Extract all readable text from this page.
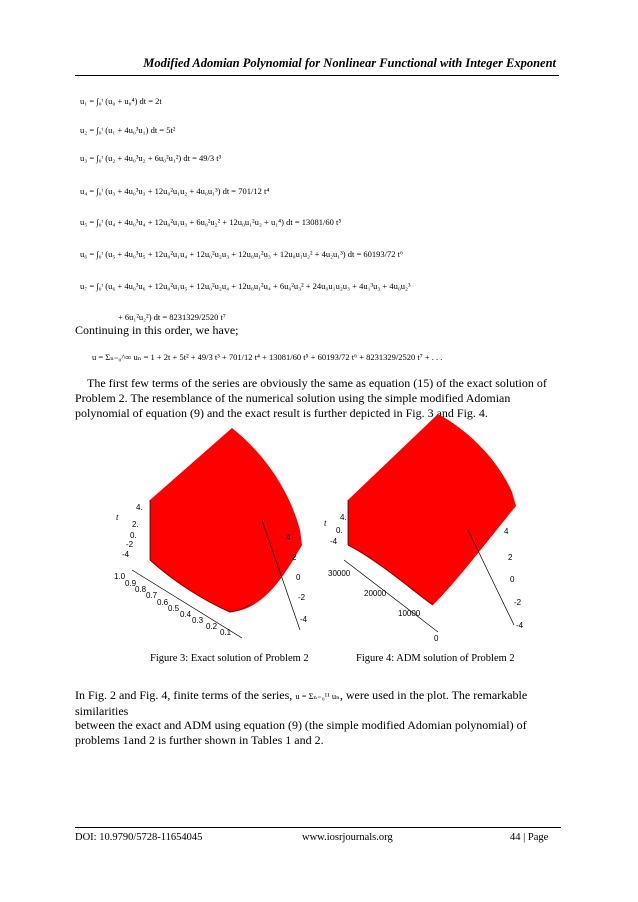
Modified Adomian Polynomial for Nonlinear Functional with Integer Exponent
u₁ = ∫₀ᵗ (u₀ + u₀⁴) dt = 2t
u₂ = ∫₀ᵗ (u₁ + 4u₀³u₁) dt = 5t²
u₃ = ∫₀ᵗ (u₂ + 4u₀³u₂ + 6u₀²u₁²) dt = 49/3 t³
u₄ = ∫₀ᵗ (u₃ + 4u₀³u₃ + 12u₀²u₁u₂ + 4u₀u₁³) dt = 701/12 t⁴
u₅ = ∫₀ᵗ (u₄ + 4u₀³u₄ + 12u₀²u₁u₃ + 6u₀²u₂² + 12u₀u₁²u₂ + u₁⁴) dt = 13081/60 t⁵
u₆ = ∫₀ᵗ (u₅ + 4u₀³u₅ + 12u₀²u₁u₄ + 12u₀²u₂u₃ + 12u₀u₁²u₃ + 12u₀u₁u₂² + 4u₂u₁³) dt = 60193/72 t⁶
u₇ = ∫₀ᵗ (u₆ + 4u₀³u₆ + 12u₀²u₁u₅ + 12u₀²u₂u₄ + 12u₀u₁²u₄ + 6u₀²u₃² + 24u₀u₁u₂u₃ + 4u₁³u₃ + 4u₀u₂³
+ 6u₁²u₂²) dt = 8231329/2520 t⁷
Continuing in this order, we have;
u = Σₙ₌₀^∞ uₙ = 1 + 2t + 5t² + 49/3 t³ + 701/12 t⁴ + 13081/60 t⁵ + 60193/72 t⁶ + 8231329/2520 t⁷ + . . .
The first few terms of the series are obviously the same as equation (15) of the exact solution of Problem 2. The resemblance of the numerical solution using the simple modified Adomian polynomial of equation (9) and the exact result is further depicted in Fig. 3 and Fig. 4.
t
4.
2.
0.
-2
-4
1.0
0.9
0.8
0.7
0.6
0.5
0.4
0.3
0.2
0.1
4
2
0
-2
-4
t
4.
0.
-4
30000
20000
10000
0
4
2
0
-2
-4
Figure 3: Exact solution of Problem 2	Figure 4: ADM solution of Problem 2
In Fig. 2 and Fig. 4, finite terms of the series, u = Σₙ₌₀¹¹ uₙ, were used in the plot. The remarkable similarities
between the exact and ADM using equation (9) (the simple modified Adomian polynomial) of problems 1and 2 is further shown in Tables 1 and 2.
DOI: 10.9790/5728-11654045	www.iosrjournals.org	44 | Page
